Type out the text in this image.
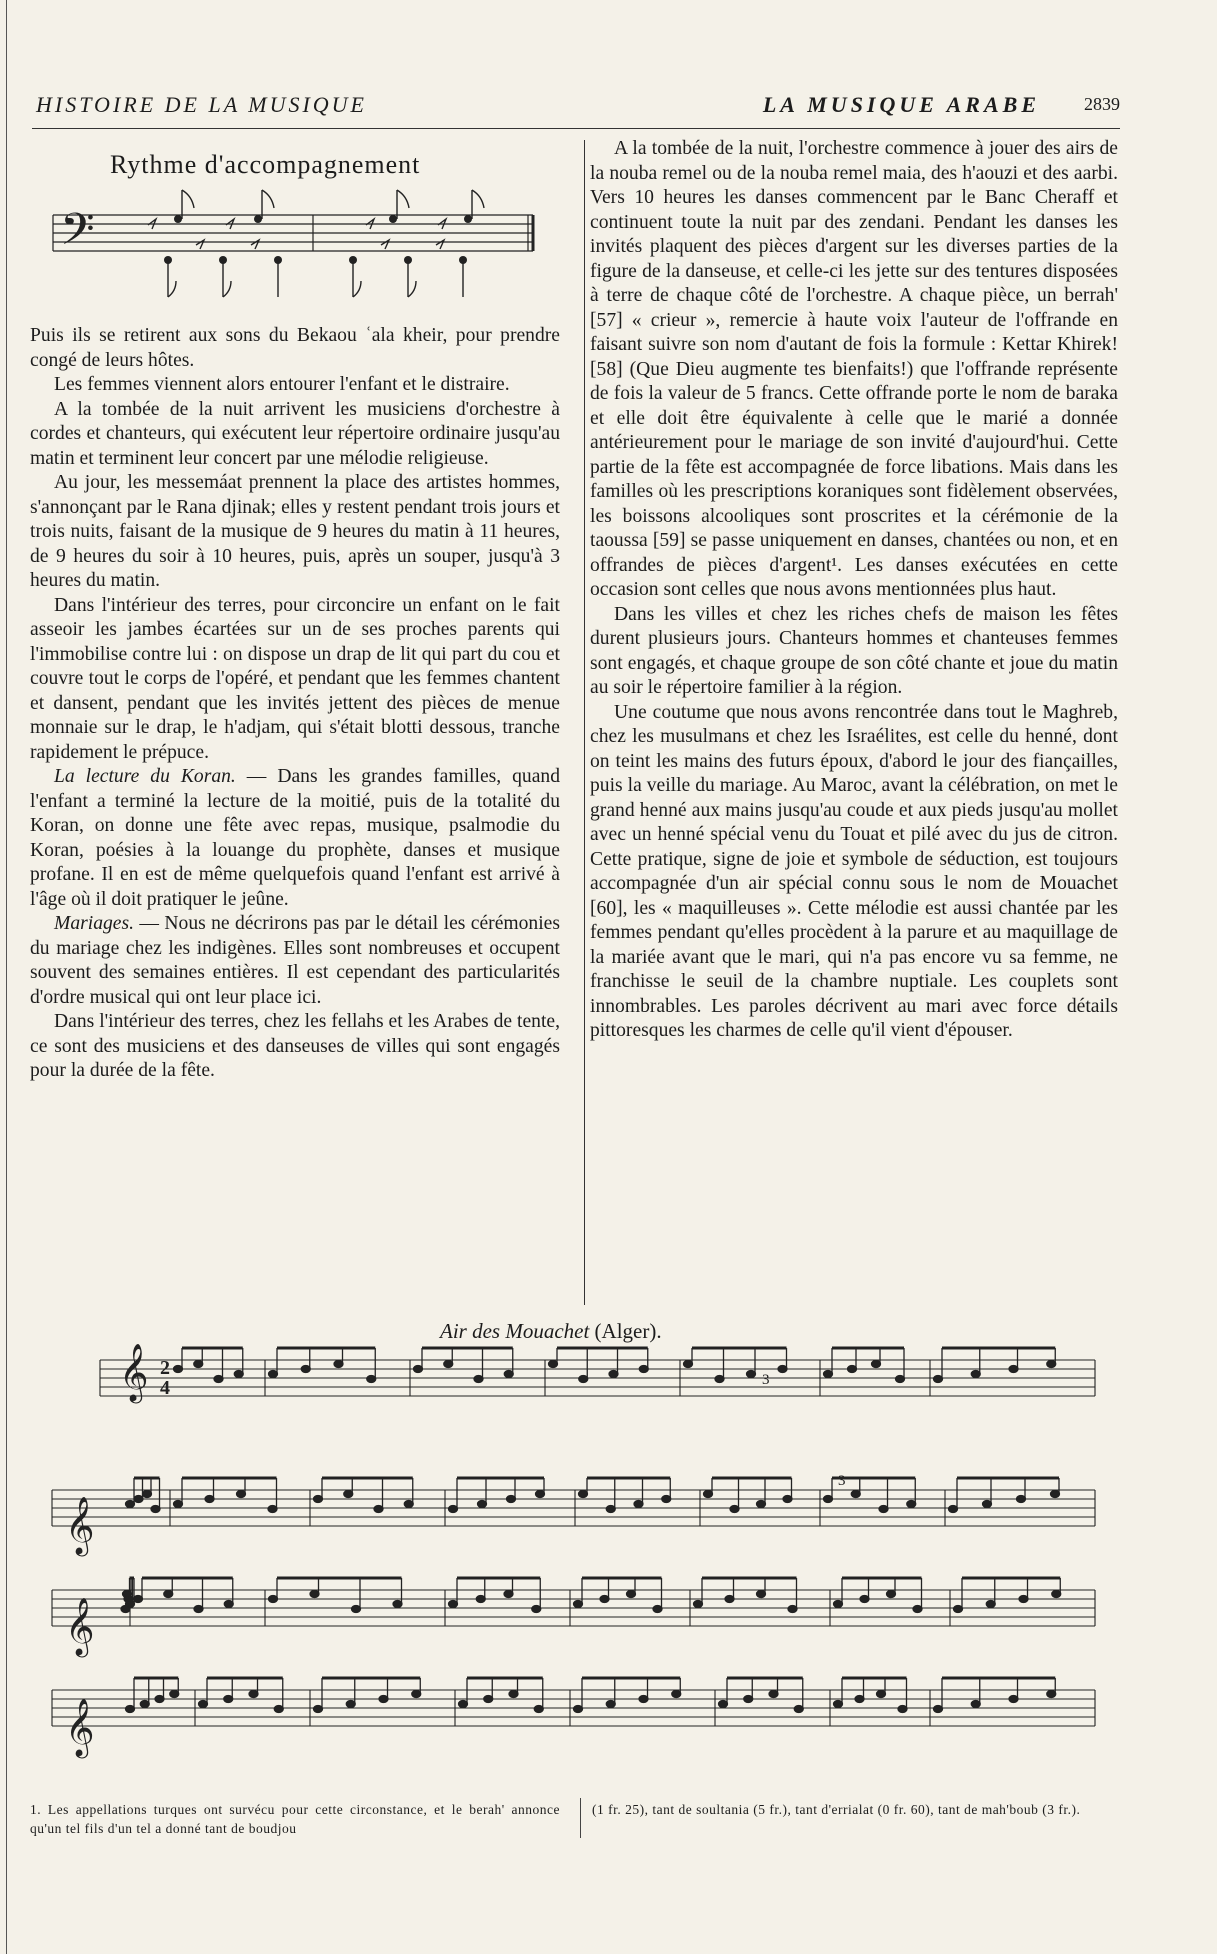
HISTOIRE DE LA MUSIQUE	LA MUSIQUE ARABE 2839
Rythme d'accompagnement
𝄢

Puis ils se retirent aux sons du Bekaou ʿala kheir, pour prendre congé de leurs hôtes.

Les femmes viennent alors entourer l'enfant et le distraire.

A la tombée de la nuit arrivent les musiciens d'orchestre à cordes et chanteurs, qui exécutent leur répertoire ordinaire jusqu'au matin et terminent leur concert par une mélodie religieuse.

Au jour, les messemáat prennent la place des artistes hommes, s'annonçant par le Rana djinak; elles y restent pendant trois jours et trois nuits, faisant de la musique de 9 heures du matin à 11 heures, de 9 heures du soir à 10 heures, puis, après un souper, jusqu'à 3 heures du matin.

Dans l'intérieur des terres, pour circoncire un enfant on le fait asseoir les jambes écartées sur un de ses proches parents qui l'immobilise contre lui : on dispose un drap de lit qui part du cou et couvre tout le corps de l'opéré, et pendant que les femmes chantent et dansent, pendant que les invités jettent des pièces de menue monnaie sur le drap, le h'adjam, qui s'était blotti dessous, tranche rapidement le prépuce.

La lecture du Koran. — Dans les grandes familles, quand l'enfant a terminé la lecture de la moitié, puis de la totalité du Koran, on donne une fête avec repas, musique, psalmodie du Koran, poésies à la louange du prophète, danses et musique profane. Il en est de même quelquefois quand l'enfant est arrivé à l'âge où il doit pratiquer le jeûne.

Mariages. — Nous ne décrirons pas par le détail les cérémonies du mariage chez les indigènes. Elles sont nombreuses et occupent souvent des semaines entières. Il est cependant des particularités d'ordre musical qui ont leur place ici.

Dans l'intérieur des terres, chez les fellahs et les Arabes de tente, ce sont des musiciens et des danseuses de villes qui sont engagés pour la durée de la fête.

A la tombée de la nuit, l'orchestre commence à jouer des airs de la nouba remel ou de la nouba remel maia, des h'aouzi et des aarbi. Vers 10 heures les danses commencent par le Banc Cheraff et continuent toute la nuit par des zendani. Pendant les danses les invités plaquent des pièces d'argent sur les diverses parties de la figure de la danseuse, et celle-ci les jette sur des tentures disposées à terre de chaque côté de l'orchestre. A chaque pièce, un berrah' [57] « crieur », remercie à haute voix l'auteur de l'offrande en faisant suivre son nom d'autant de fois la formule : Kettar Khirek! [58] (Que Dieu augmente tes bienfaits!) que l'offrande représente de fois la valeur de 5 francs. Cette offrande porte le nom de baraka et elle doit être équivalente à celle que le marié a donnée antérieurement pour le mariage de son invité d'aujourd'hui. Cette partie de la fête est accompagnée de force libations. Mais dans les familles où les prescriptions koraniques sont fidèlement observées, les boissons alcooliques sont proscrites et la cérémonie de la taoussa [59] se passe uniquement en danses, chantées ou non, et en offrandes de pièces d'argent¹. Les danses exécutées en cette occasion sont celles que nous avons mentionnées plus haut.

Dans les villes et chez les riches chefs de maison les fêtes durent plusieurs jours. Chanteurs hommes et chanteuses femmes sont engagés, et chaque groupe de son côté chante et joue du matin au soir le répertoire familier à la région.

Une coutume que nous avons rencontrée dans tout le Maghreb, chez les musulmans et chez les Israélites, est celle du henné, dont on teint les mains des futurs époux, d'abord le jour des fiançailles, puis la veille du mariage. Au Maroc, avant la célébration, on met le grand henné aux mains jusqu'au coude et aux pieds jusqu'au mollet avec un henné spécial venu du Touat et pilé avec du jus de citron. Cette pratique, signe de joie et symbole de séduction, est toujours accompagnée d'un air spécial connu sous le nom de Mouachet [60], les « maquilleuses ». Cette mélodie est aussi chantée par les femmes pendant qu'elles procèdent à la parure et au maquillage de la mariée avant que le mari, qui n'a pas encore vu sa femme, ne franchisse le seuil de la chambre nuptiale. Les couplets sont innombrables. Les paroles décrivent au mari avec force détails pittoresques les charmes de celle qu'il vient d'épouser.

Air des Mouachet (Alger).
𝄞
𝄞
𝄞
𝄞
2
4	3
3
1. Les appellations turques ont survécu pour cette circonstance, et le berah' annonce qu'un tel fils d'un tel a donné tant de boudjou
(1 fr. 25), tant de soultania (5 fr.), tant d'errialat (0 fr. 60), tant de mah'boub (3 fr.).
